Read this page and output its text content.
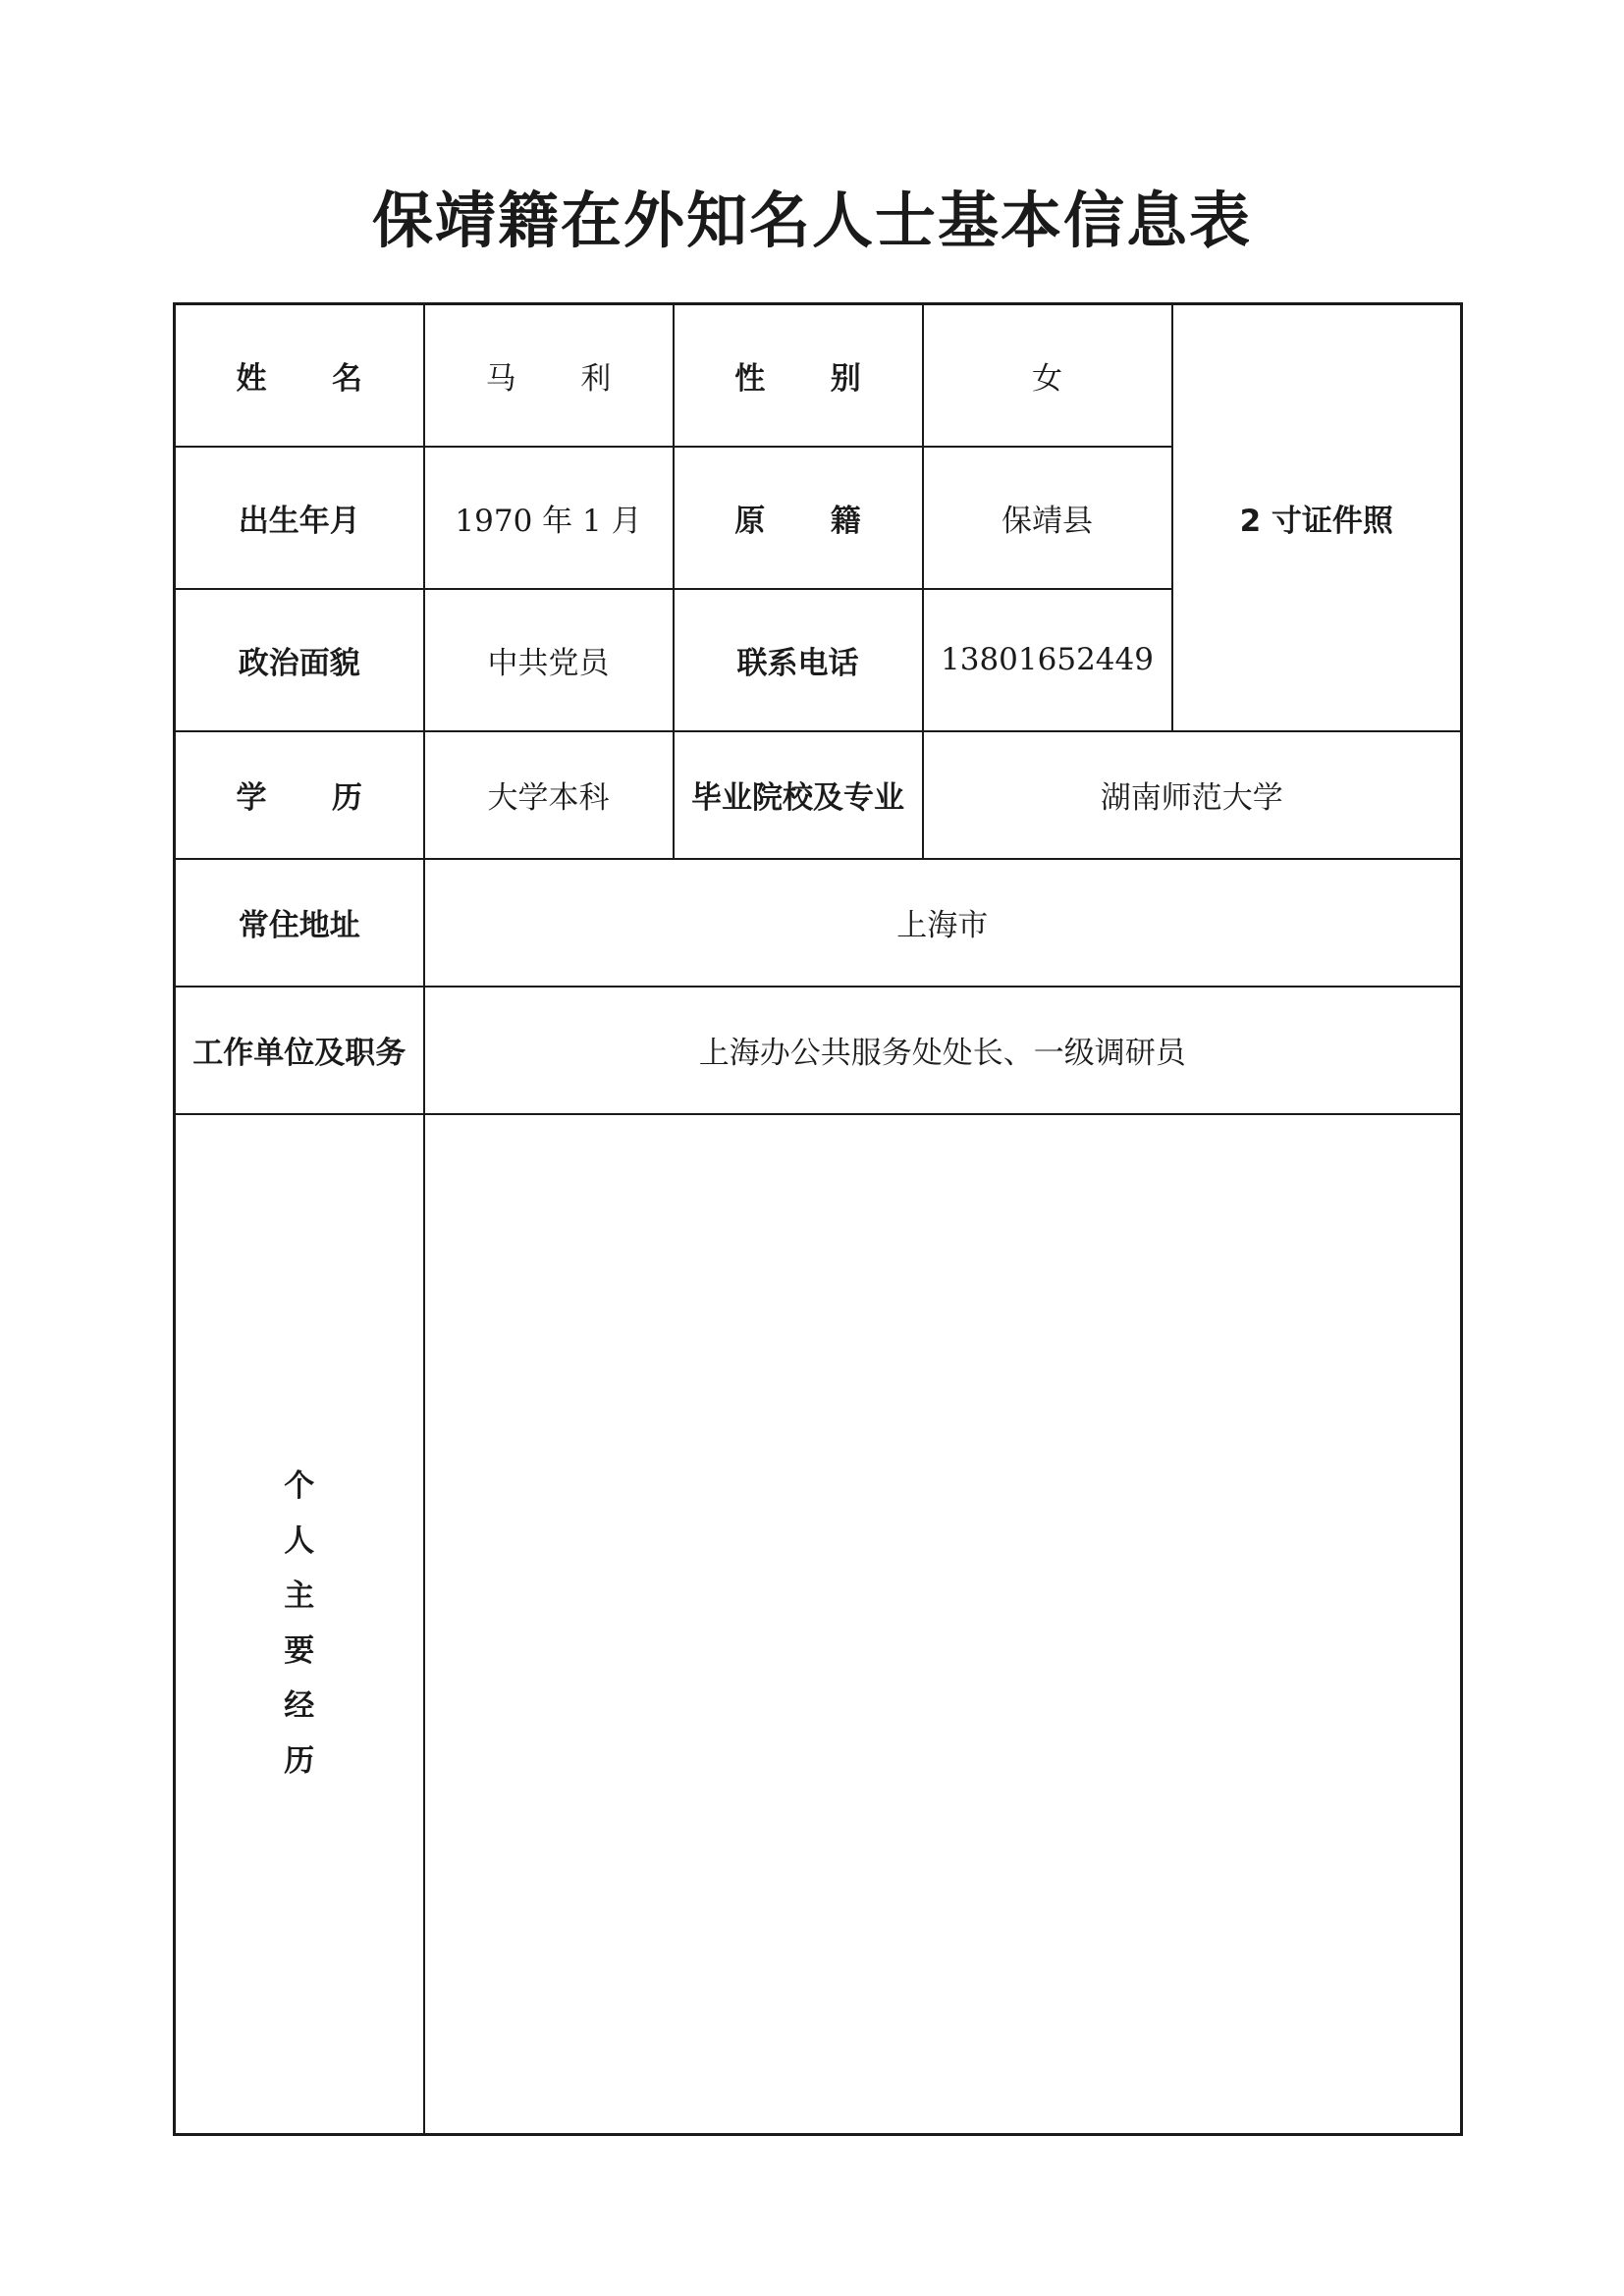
保靖籍在外知名人士基本信息表
姓 名	马 利	性 别	女	2 寸证件照
出生年月	1970 年 1 月	原 籍	保靖县	
政治面貌	中共党员	联系电话	13801652449	
学 历	大学本科	毕业院校及专业	湖南师范大学	
常住地址	上海市			
工作单位及职务	上海办公共服务处处长、一级调研员			
个人主要经历				
